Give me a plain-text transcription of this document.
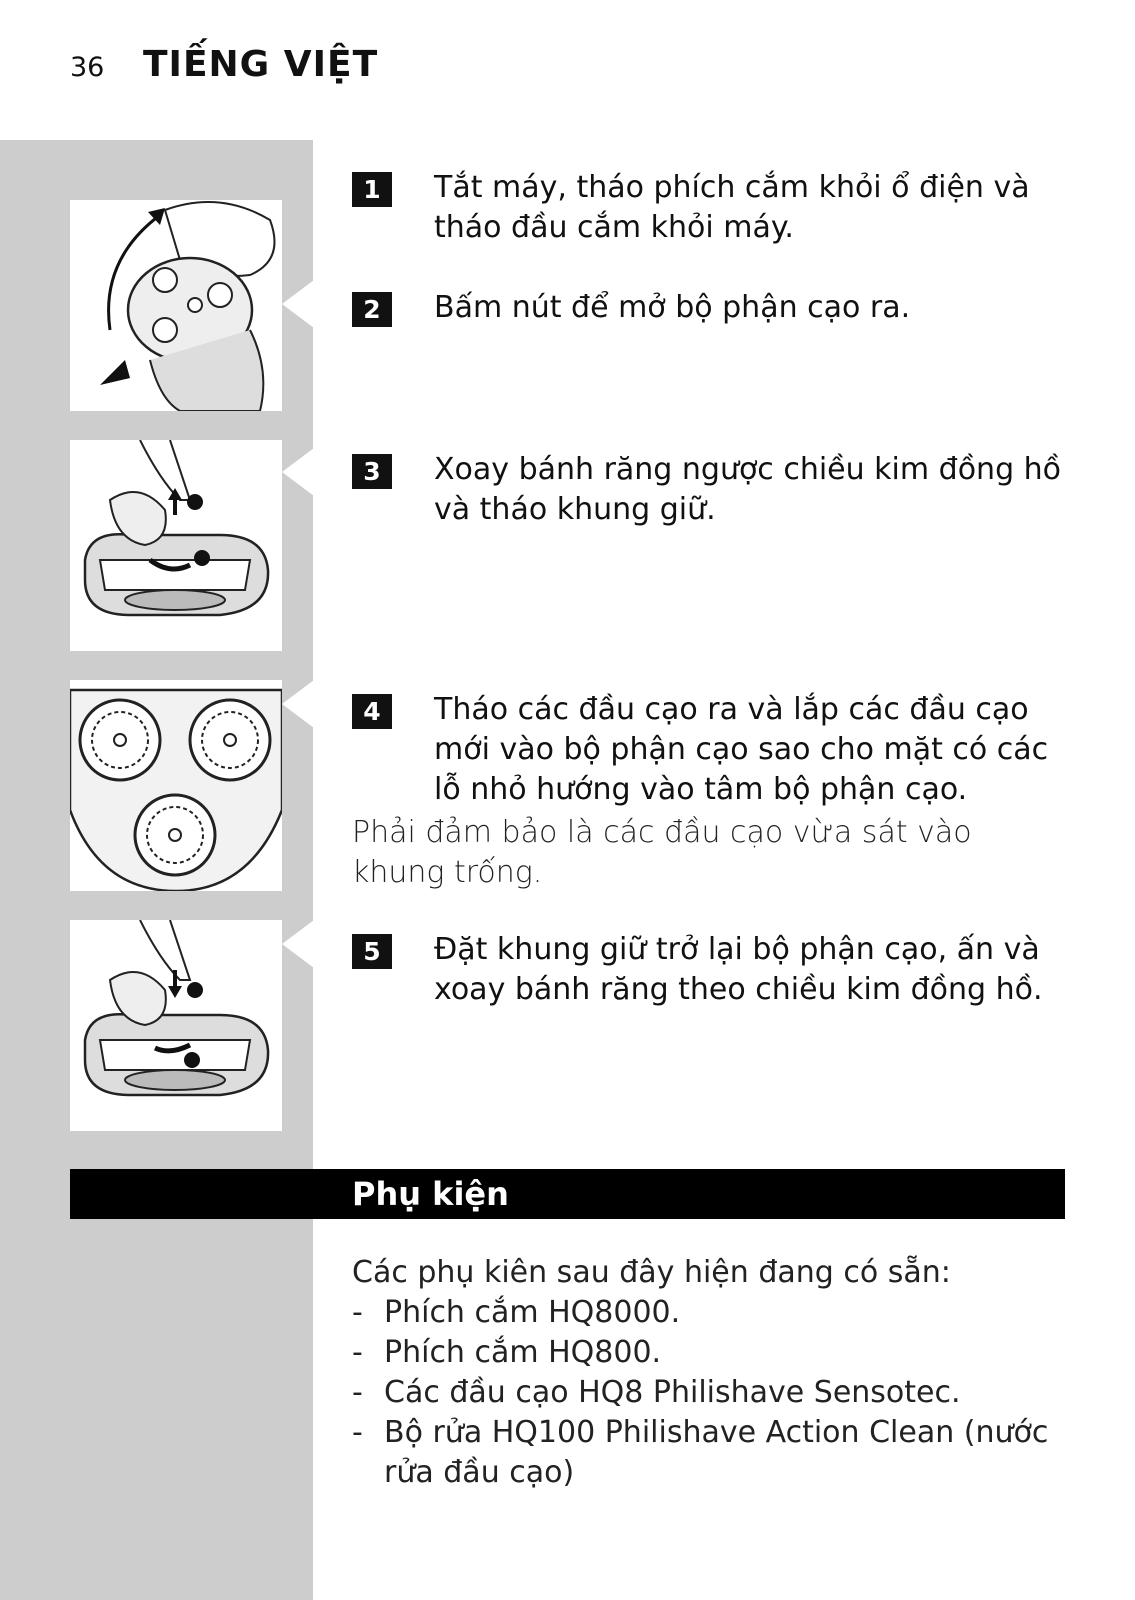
36 TIẾNG VIỆT
1	Tắt máy, tháo phích cắm khỏi ổ điện và tháo đầu cắm khỏi máy.
2	Bấm nút để mở bộ phận cạo ra.
3	Xoay bánh răng ngược chiều kim đồng hồ và tháo khung giữ.
4	Tháo các đầu cạo ra và lắp các đầu cạo mới vào bộ phận cạo sao cho mặt có các lỗ nhỏ hướng vào tâm bộ phận cạo.
Phải đảm bảo là các đầu cạo vừa sát vào khung trống.
5	Đặt khung giữ trở lại bộ phận cạo, ấn và xoay bánh răng theo chiều kim đồng hồ.
Phụ kiện
Các phụ kiên sau đây hiện đang có sẵn:
- Phích cắm HQ8000.
- Phích cắm HQ800.
- Các đầu cạo HQ8 Philishave Sensotec.
- Bộ rửa HQ100 Philishave Action Clean (nước rửa đầu cạo)
